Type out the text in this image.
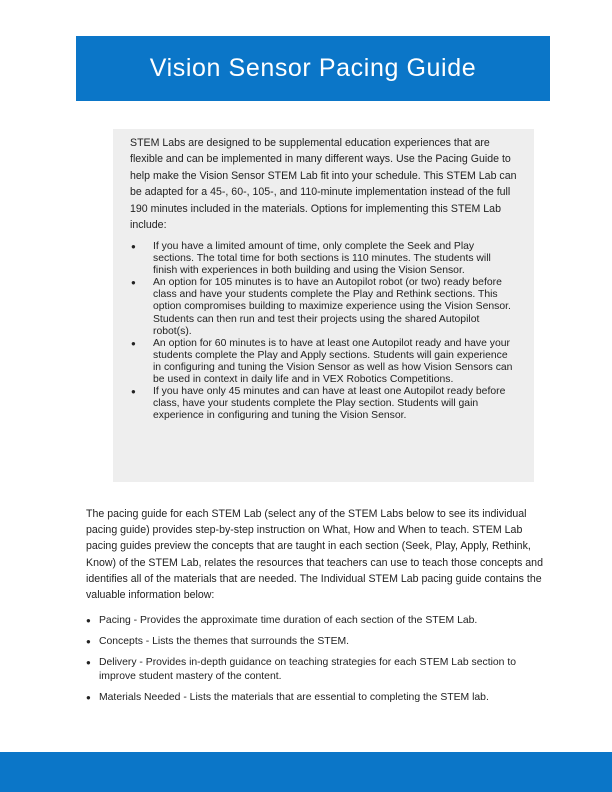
Vision Sensor Pacing Guide
STEM Labs are designed to be supplemental education experiences that are flexible and can be implemented in many different ways. Use the Pacing Guide to help make the Vision Sensor STEM Lab fit into your schedule. This STEM Lab can be adapted for a 45-, 60-, 105-, and 110-minute implementation instead of the full 190 minutes included in the materials. Options for implementing this STEM Lab include:
● If you have a limited amount of time, only complete the Seek and Play sections. The total time for both sections is 110 minutes. The students will finish with experiences in both building and using the Vision Sensor.
● An option for 105 minutes is to have an Autopilot robot (or two) ready before class and have your students complete the Play and Rethink sections. This option compromises building to maximize experience using the Vision Sensor. Students can then run and test their projects using the shared Autopilot robot(s).
● An option for 60 minutes is to have at least one Autopilot ready and have your students complete the Play and Apply sections. Students will gain experience in configuring and tuning the Vision Sensor as well as how Vision Sensors can be used in context in daily life and in VEX Robotics Competitions.
● If you have only 45 minutes and can have at least one Autopilot ready before class, have your students complete the Play section. Students will gain experience in configuring and tuning the Vision Sensor.
The pacing guide for each STEM Lab (select any of the STEM Labs below to see its individual pacing guide) provides step-by-step instruction on What, How and When to teach. STEM Lab pacing guides preview the concepts that are taught in each section (Seek, Play, Apply, Rethink, Know) of the STEM Lab, relates the resources that teachers can use to teach those concepts and identifies all of the materials that are needed. The Individual STEM Lab pacing guide contains the valuable information below:
● Pacing - Provides the approximate time duration of each section of the STEM Lab.
● Concepts - Lists the themes that surrounds the STEM.
● Delivery - Provides in-depth guidance on teaching strategies for each STEM Lab section to improve student mastery of the content.
● Materials Needed - Lists the materials that are essential to completing the STEM lab.
